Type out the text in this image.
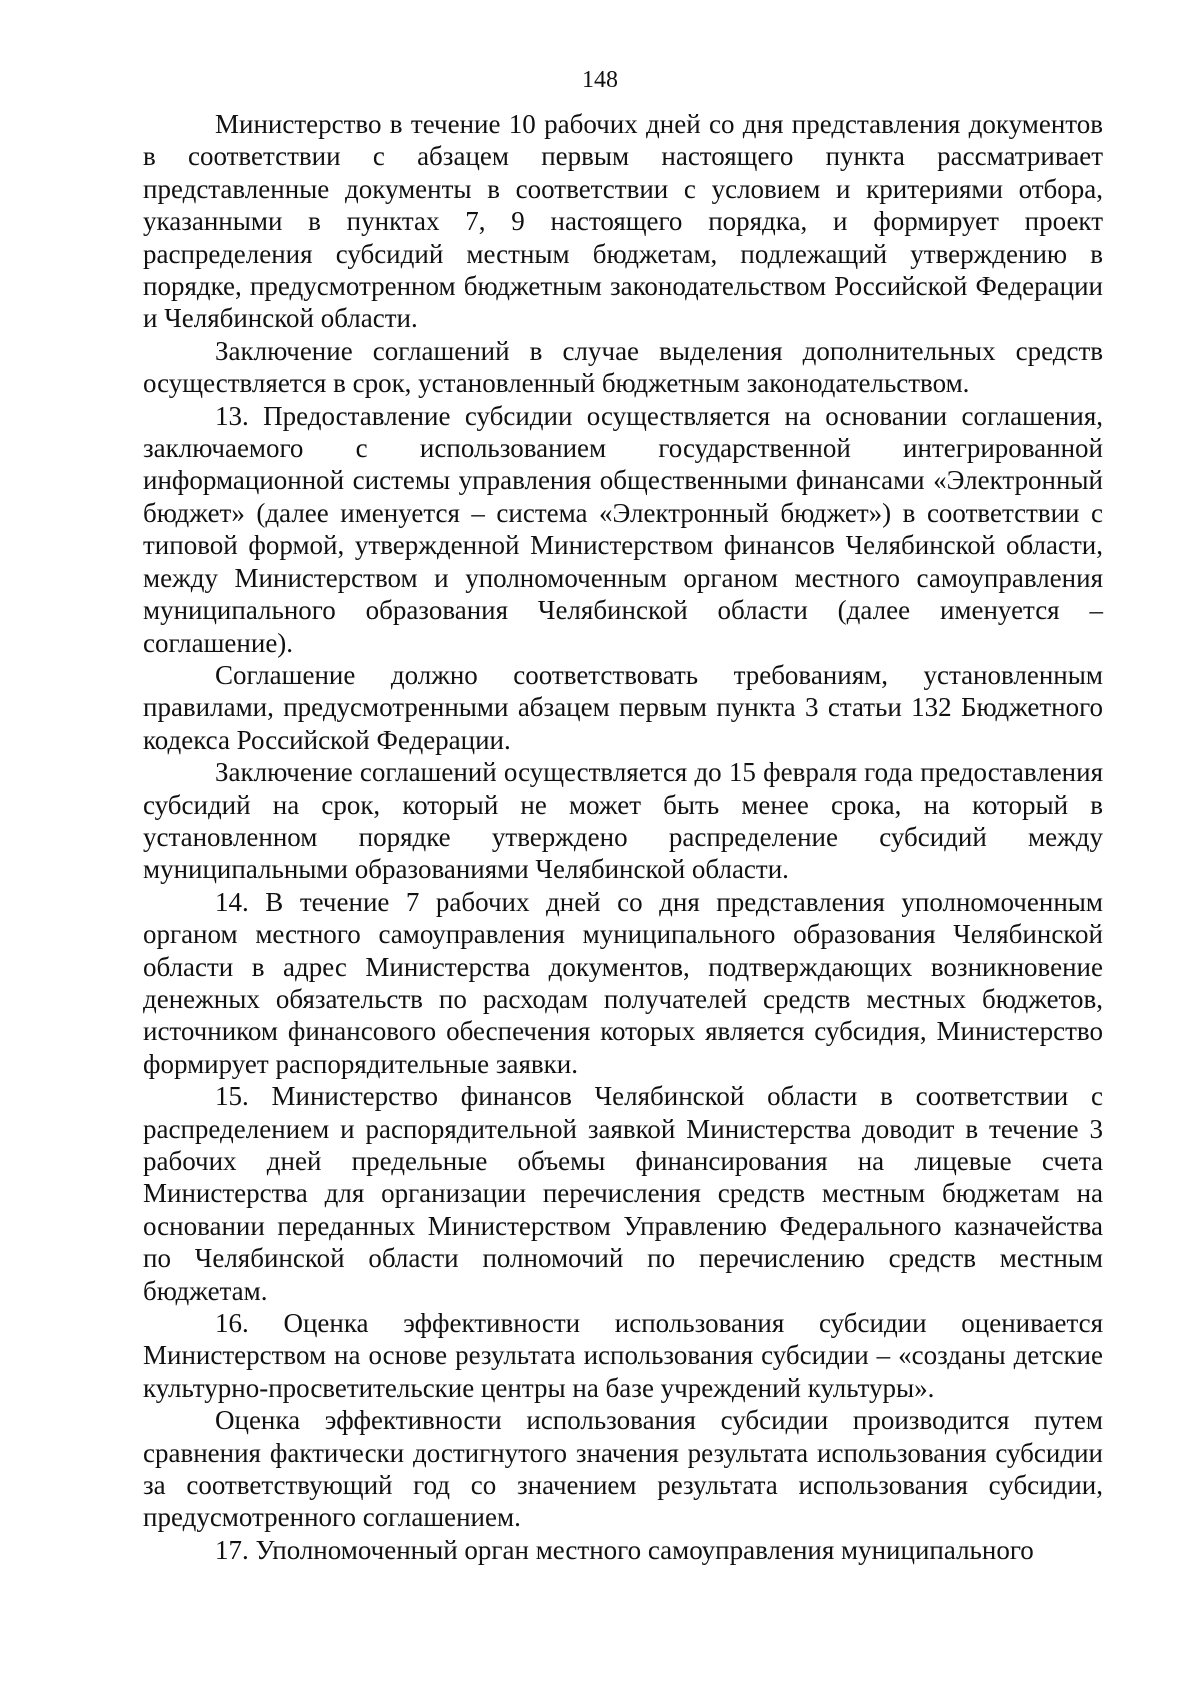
148

Министерство в течение 10 рабочих дней со дня представления документов в соответствии с абзацем первым настоящего пункта рассматривает представленные документы в соответствии с условием и критериями отбора, указанными в пунктах 7, 9 настоящего порядка, и формирует проект распределения субсидий местным бюджетам, подлежащий утверждению в порядке, предусмотренном бюджетным законодательством Российской Федерации и Челябинской области.

Заключение соглашений в случае выделения дополнительных средств осуществляется в срок, установленный бюджетным законодательством.

13. Предоставление субсидии осуществляется на основании соглашения, заключаемого с использованием государственной интегрированной информационной системы управления общественными финансами «Электронный бюджет» (далее именуется – система «Электронный бюджет») в соответствии с типовой формой, утвержденной Министерством финансов Челябинской области, между Министерством и уполномоченным органом местного самоуправления муниципального образования Челябинской области (далее именуется – соглашение).

Соглашение должно соответствовать требованиям, установленным правилами, предусмотренными абзацем первым пункта 3 статьи 132 Бюджетного кодекса Российской Федерации.

Заключение соглашений осуществляется до 15 февраля года предоставления субсидий на срок, который не может быть менее срока, на который в установленном порядке утверждено распределение субсидий между муниципальными образованиями Челябинской области.

14. В течение 7 рабочих дней со дня представления уполномоченным органом местного самоуправления муниципального образования Челябинской области в адрес Министерства документов, подтверждающих возникновение денежных обязательств по расходам получателей средств местных бюджетов, источником финансового обеспечения которых является субсидия, Министерство формирует распорядительные заявки.

15. Министерство финансов Челябинской области в соответствии с распределением и распорядительной заявкой Министерства доводит в течение 3 рабочих дней предельные объемы финансирования на лицевые счета Министерства для организации перечисления средств местным бюджетам на основании переданных Министерством Управлению Федерального казначейства по Челябинской области полномочий по перечислению средств местным бюджетам.

16. Оценка эффективности использования субсидии оценивается Министерством на основе результата использования субсидии – «созданы детские культурно-просветительские центры на базе учреждений культуры».

Оценка эффективности использования субсидии производится путем сравнения фактически достигнутого значения результата использования субсидии за соответствующий год со значением результата использования субсидии, предусмотренного соглашением.

17. Уполномоченный орган местного самоуправления муниципального
